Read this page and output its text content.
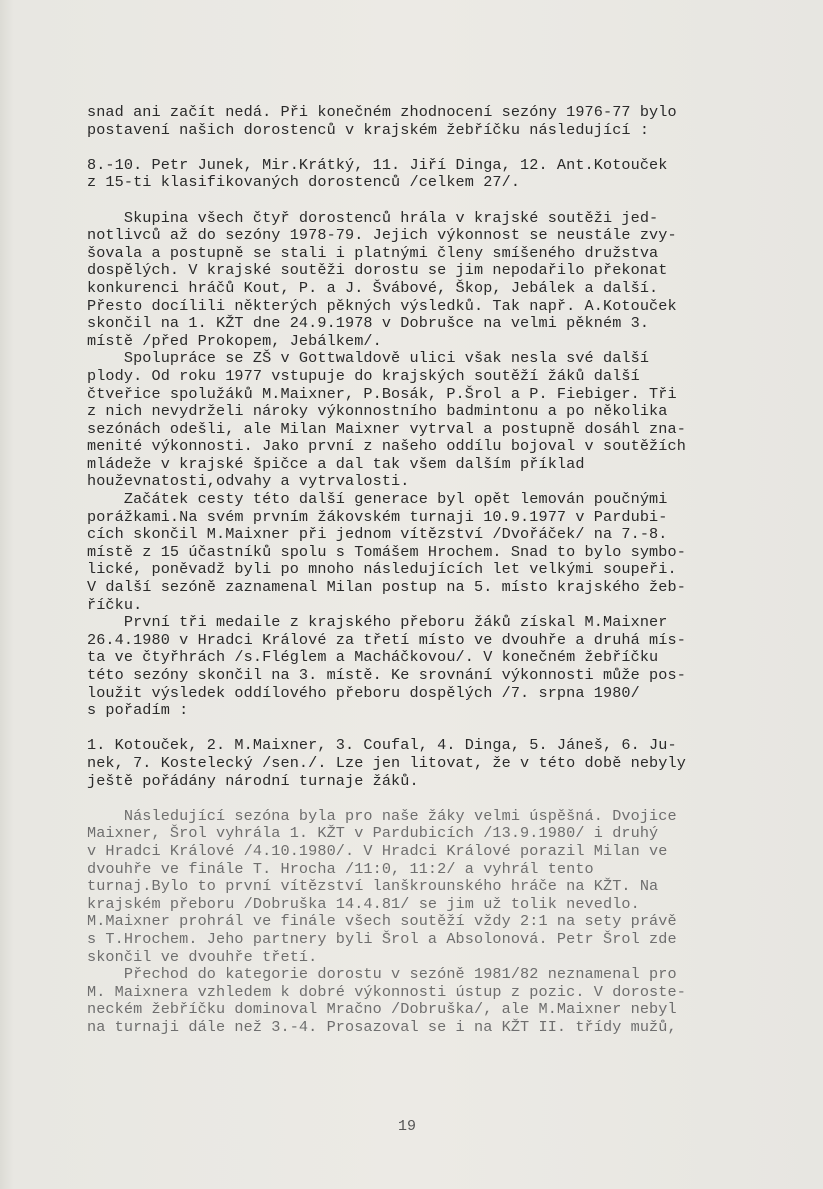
snad ani začít nedá. Při konečném zhodnocení sezóny 1976-77 bylo
postavení našich dorostenců v krajském žebříčku následující :
8.-10. Petr Junek, Mir.Krátký, 11. Jiří Dinga, 12. Ant.Kotouček
z 15-ti klasifikovaných dorostenců /celkem 27/.
Skupina všech čtyř dorostenců hrála v krajské soutěži jed-
notlivců až do sezóny 1978-79. Jejich výkonnost se neustále zvy-
šovala a postupně se stali i platnými členy smíšeného družstva
dospělých. V krajské soutěži dorostu se jim nepodařilo překonat
konkurenci hráčů Kout, P. a J. Švábové, Škop, Jebálek a další.
Přesto docílili některých pěkných výsledků. Tak např. A.Kotouček
skončil na 1. KŽT dne 24.9.1978 v Dobrušce na velmi pěkném 3.
místě /před Prokopem, Jebálkem/.
Spolupráce se ZŠ v Gottwaldově ulici však nesla své další
plody. Od roku 1977 vstupuje do krajských soutěží žáků další
čtveřice spolužáků M.Maixner, P.Bosák, P.Šrol a P. Fiebiger. Tři
z nich nevydrželi nároky výkonnostního badmintonu a po několika
sezónách odešli, ale Milan Maixner vytrval a postupně dosáhl zna-
menité výkonnosti. Jako první z našeho oddílu bojoval v soutěžích
mládeže v krajské špičce a dal tak všem dalším příklad
houževnatosti,odvahy a vytrvalosti.
Začátek cesty této další generace byl opět lemován poučnými
porážkami.Na svém prvním žákovském turnaji 10.9.1977 v Pardubi-
cích skončil M.Maixner při jednom vítězství /Dvořáček/ na 7.-8.
místě z 15 účastníků spolu s Tomášem Hrochem. Snad to bylo symbo-
lické, poněvadž byli po mnoho následujících let velkými soupeři.
V další sezóně zaznamenal Milan postup na 5. místo krajského žeb-
říčku.
První tři medaile z krajského přeboru žáků získal M.Maixner
26.4.1980 v Hradci Králové za třetí místo ve dvouhře a druhá mís-
ta ve čtyřhrách /s.Fléglem a Macháčkovou/. V konečném žebříčku
této sezóny skončil na 3. místě. Ke srovnání výkonnosti může pos-
loužit výsledek oddílového přeboru dospělých /7. srpna 1980/
s pořadím :
1. Kotouček, 2. M.Maixner, 3. Coufal, 4. Dinga, 5. Jáneš, 6. Ju-
nek, 7. Kostelecký /sen./. Lze jen litovat, že v této době nebyly
ještě pořádány národní turnaje žáků.
Následující sezóna byla pro naše žáky velmi úspěšná. Dvojice
Maixner, Šrol vyhrála 1. KŽT v Pardubicích /13.9.1980/ i druhý
v Hradci Králové /4.10.1980/. V Hradci Králové porazil Milan ve
dvouhře ve finále T. Hrocha /11:0, 11:2/ a vyhrál tento
turnaj.Bylo to první vítězství lanškrounského hráče na KŽT. Na
krajském přeboru /Dobruška 14.4.81/ se jim už tolik nevedlo.
M.Maixner prohrál ve finále všech soutěží vždy 2:1 na sety právě
s T.Hrochem. Jeho partnery byli Šrol a Absolonová. Petr Šrol zde
skončil ve dvouhře třetí.
Přechod do kategorie dorostu v sezóně 1981/82 neznamenal pro
M. Maixnera vzhledem k dobré výkonnosti ústup z pozic. V doroste-
neckém žebříčku dominoval Mračno /Dobruška/, ale M.Maixner nebyl
na turnaji dále než 3.-4. Prosazoval se i na KŽT II. třídy mužů,
19
